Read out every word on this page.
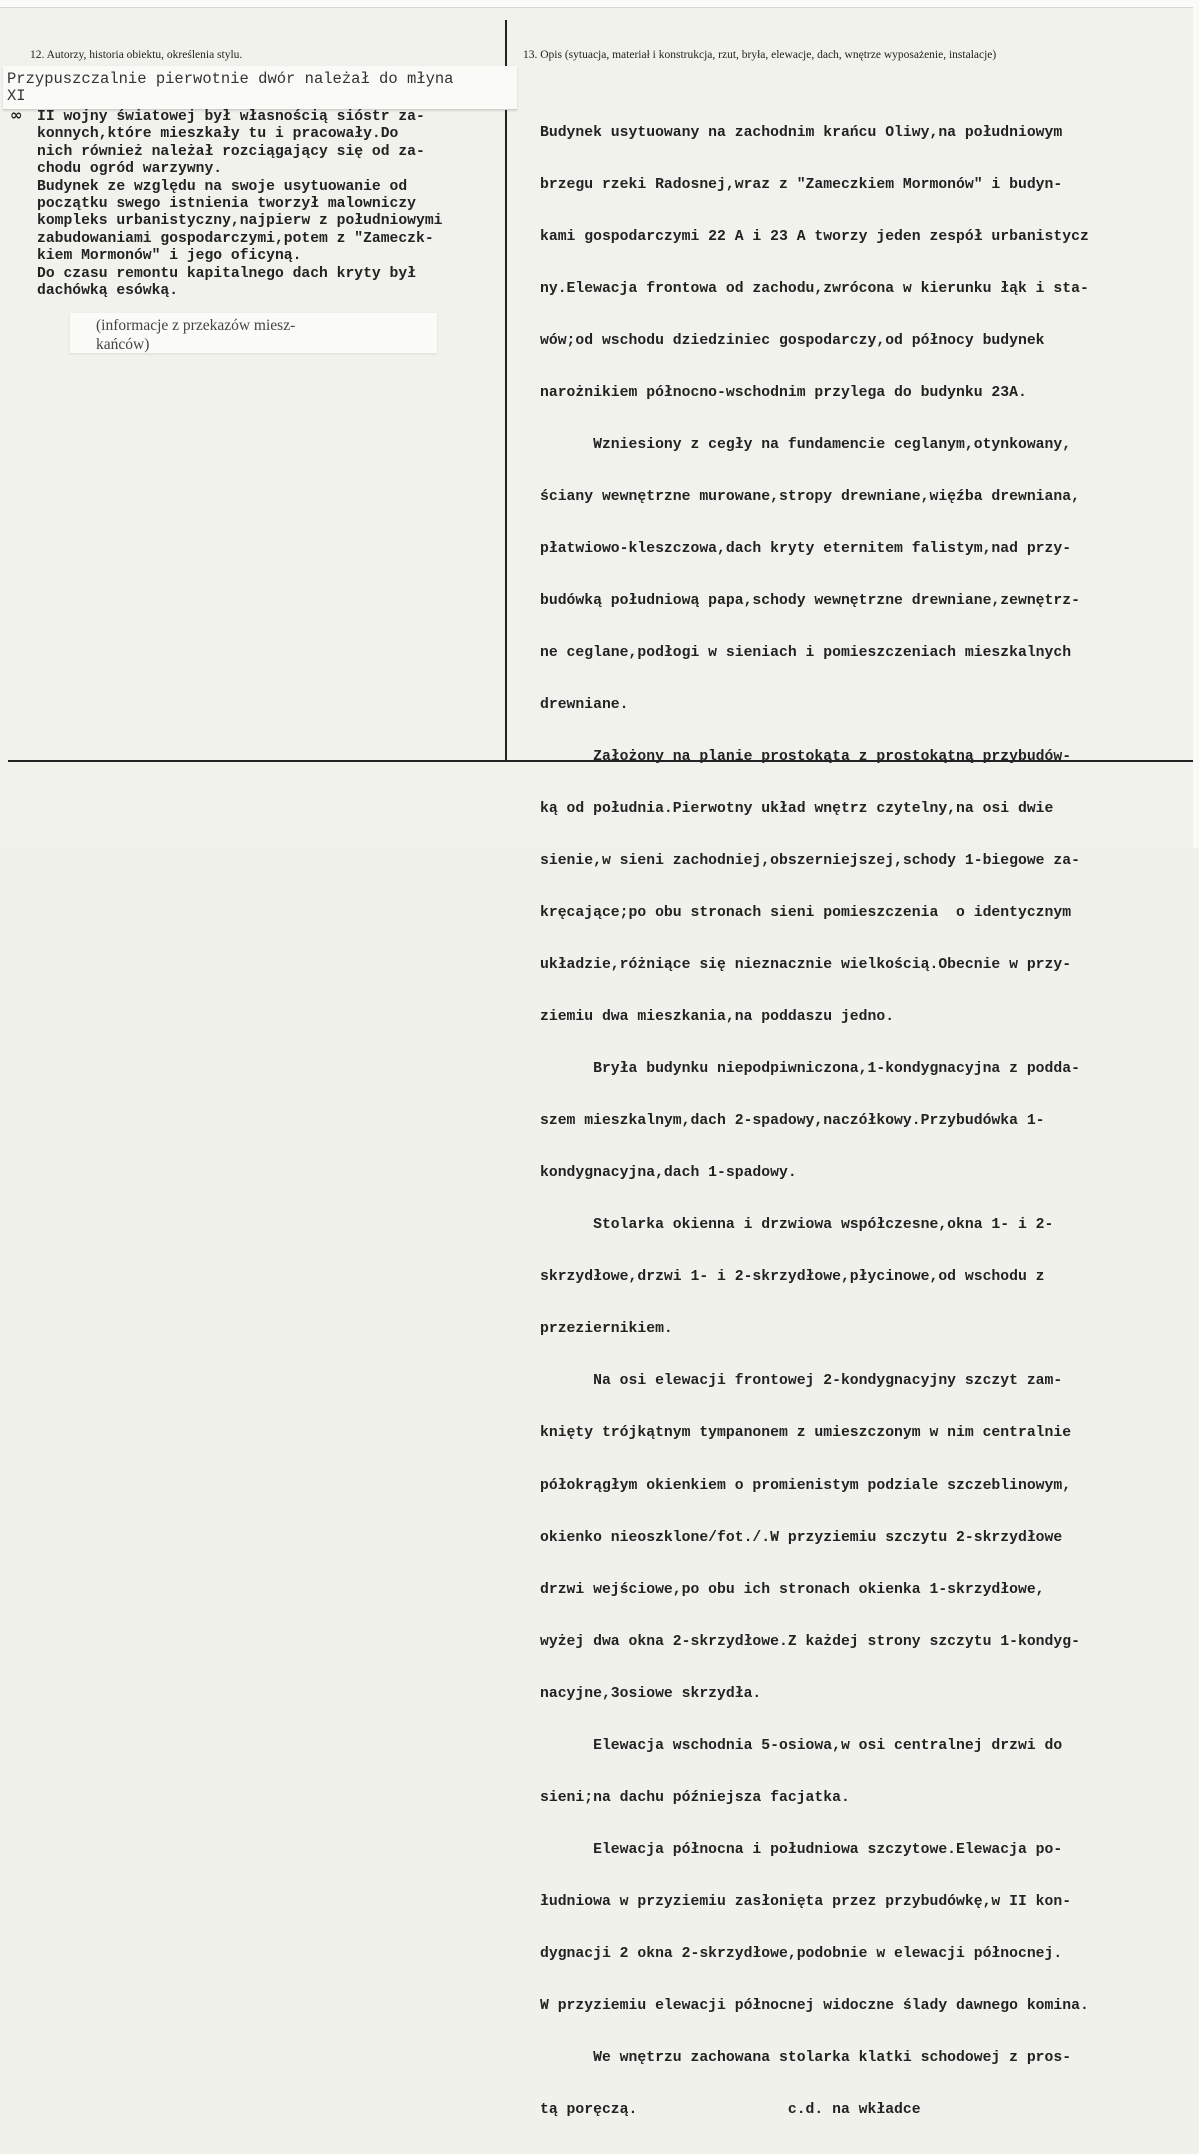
12. Autorzy, historia obiektu, określenia stylu.	13. Opis (sytuacja, materiał i konstrukcja, rzut, bryła, elewacje, dach, wnętrze wyposażenie, instalacje)
Przypuszczalnie pierwotnie dwór należał do młyna
XI
∞ II wojny światowej był własnością sióstr za-
konnych,które mieszkały tu i pracowały.Do
nich również należał rozciągający się od za-
chodu ogród warzywny.
Budynek ze względu na swoje usytuowanie od
początku swego istnienia tworzył malowniczy
kompleks urbanistyczny,najpierw z południowymi
zabudowaniami gospodarczymi,potem z "Zameczk-
kiem Mormonów" i jego oficyną.
Do czasu remontu kapitalnego dach kryty był
dachówką esówką.
(informacje z przekazów miesz-
kańców)

Budynek usytuowany na zachodnim krańcu Oliwy,na południowym

brzegu rzeki Radosnej,wraz z "Zameczkiem Mormonów" i budyn-

kami gospodarczymi 22 A i 23 A tworzy jeden zespół urbanistycz

ny.Elewacja frontowa od zachodu,zwrócona w kierunku łąk i sta-

wów;od wschodu dziedziniec gospodarczy,od północy budynek

narożnikiem północno-wschodnim przylega do budynku 23A.

Wzniesiony z cegły na fundamencie ceglanym,otynkowany,

ściany wewnętrzne murowane,stropy drewniane,więźba drewniana,

płatwiowo-kleszczowa,dach kryty eternitem falistym,nad przy-

budówką południową papa,schody wewnętrzne drewniane,zewnętrz-

ne ceglane,podłogi w sieniach i pomieszczeniach mieszkalnych

drewniane.

Założony na planie prostokąta z prostokątną przybudów-

ką od południa.Pierwotny układ wnętrz czytelny,na osi dwie

sienie,w sieni zachodniej,obszerniejszej,schody 1-biegowe za-

kręcające;po obu stronach sieni pomieszczenia  o identycznym

układzie,różniące się nieznacznie wielkością.Obecnie w przy-

ziemiu dwa mieszkania,na poddaszu jedno.

Bryła budynku niepodpiwniczona,1-kondygnacyjna z podda-

szem mieszkalnym,dach 2-spadowy,naczółkowy.Przybudówka 1-

kondygnacyjna,dach 1-spadowy.

Stolarka okienna i drzwiowa współczesne,okna 1- i 2-

skrzydłowe,drzwi 1- i 2-skrzydłowe,płycinowe,od wschodu z

przeziernikiem.

Na osi elewacji frontowej 2-kondygnacyjny szczyt zam-

knięty trójkątnym tympanonem z umieszczonym w nim centralnie

półokrągłym okienkiem o promienistym podziale szczeblinowym,

okienko nieoszklone/fot./.W przyziemiu szczytu 2-skrzydłowe

drzwi wejściowe,po obu ich stronach okienka 1-skrzydłowe,

wyżej dwa okna 2-skrzydłowe.Z każdej strony szczytu 1-kondyg-

nacyjne,3osiowe skrzydła.

Elewacja wschodnia 5-osiowa,w osi centralnej drzwi do

sieni;na dachu późniejsza facjatka.

Elewacja północna i południowa szczytowe.Elewacja po-

łudniowa w przyziemiu zasłonięta przez przybudówkę,w II kon-

dygnacji 2 okna 2-skrzydłowe,podobnie w elewacji północnej.

W przyziemiu elewacji północnej widoczne ślady dawnego komina.

We wnętrzu zachowana stolarka klatki schodowej z pros-

tą poręczą.                 c.d. na wkładce
